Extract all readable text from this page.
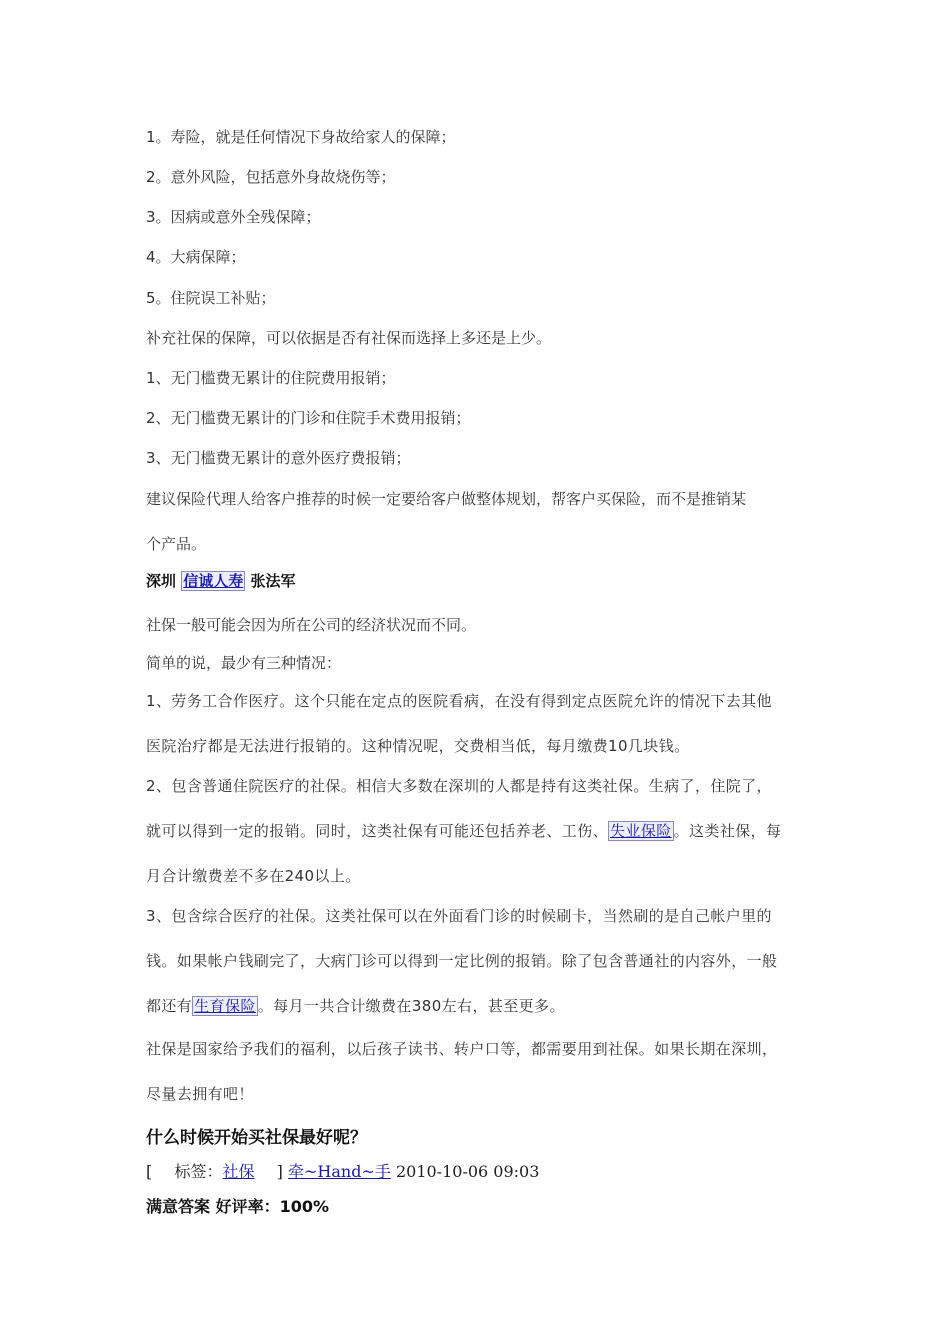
1。寿险，就是任何情况下身故给家人的保障；

2。意外风险，包括意外身故烧伤等；

3。因病或意外全残保障；

4。大病保障；

5。住院误工补贴；

补充社保的保障，可以依据是否有社保而选择上多还是上少。

1、无门槛费无累计的住院费用报销；

2、无门槛费无累计的门诊和住院手术费用报销；

3、无门槛费无累计的意外医疗费报销；

建议保险代理人给客户推荐的时候一定要给客户做整体规划，帮客户买保险，而不是推销某

个产品。

深圳 信诚人寿 张法军

社保一般可能会因为所在公司的经济状况而不同。

简单的说，最少有三种情况：

1、劳务工合作医疗。这个只能在定点的医院看病，在没有得到定点医院允许的情况下去其他

医院治疗都是无法进行报销的。这种情况呢，交费相当低，每月缴费10几块钱。

2、包含普通住院医疗的社保。相信大多数在深圳的人都是持有这类社保。生病了，住院了，

就可以得到一定的报销。同时，这类社保有可能还包括养老、工伤、 失业保险 。这类社保，每

月合计缴费差不多在240以上。

3、包含综合医疗的社保。这类社保可以在外面看门诊的时候刷卡，当然刷的是自己帐户里的

钱。如果帐户钱刷完了，大病门诊可以得到一定比例的报销。除了包含普通社的内容外，一般

都还有 生育保险 。每月一共合计缴费在380左右，甚至更多。

社保是国家给予我们的福利，以后孩子读书、转户口等，都需要用到社保。如果长期在深圳，

尽量去拥有吧！

什么时候开始买社保最好呢？

[ 标签：社保 ] 牵~Hand~手 2010-10-06 09:03

满意答案 好评率：100%
